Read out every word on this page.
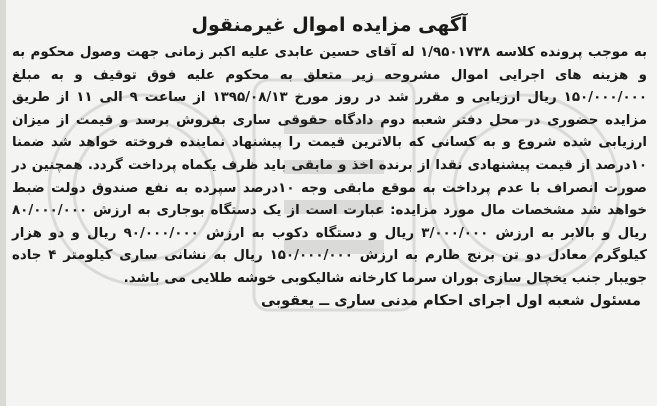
آگهی مزایده اموال غیرمنقول
به موجب پرونده کلاسه ۱/۹۵۰۱۷۳۸ له آقای حسین عابدی علیه اکبر زمانی جهت وصول محکوم به و هزینه های اجرایی اموال مشروحه زیر متعلق به محکوم علیه فوق توقیف و به مبلغ ۱۵۰/۰۰۰/۰۰۰ ریال ارزیابی و مقرر شد در روز مورخ ۱۳۹۵/۰۸/۱۳ از ساعت ۹ الی ۱۱ از طریق مزایده حضوری در محل دفتر شعبه دوم دادگاه حقوقی ساری بفروش برسد و قیمت از میزان ارزیابی شده شروع و به کسانی که بالاترین قیمت را پیشنهاد نماینده فروخته خواهد شد ضمنا ۱۰درصد از قیمت پیشنهادی نقدا از برنده اخذ و مابقی باید ظرف یکماه پرداخت گردد. همچنین در صورت انصراف با عدم پرداخت به موقع مابقی وجه ۱۰درصد سپرده به نفع صندوق دولت ضبط خواهد شد مشخصات مال مورد مزایده: عبارت است از یک دستگاه بوجاری به ارزش ۸۰/۰۰۰/۰۰۰ ریال و بالابر به ارزش ۳/۰۰۰/۰۰۰ ریال و دستگاه دکوب به ارزش ۹۰/۰۰۰/۰۰۰ ریال و دو هزار کیلوگرم معادل دو تن برنج طارم به ارزش ۱۵۰/۰۰۰/۰۰۰ ریال به نشانی ساری کیلومتر ۴ جاده جویبار جنب یخچال سازی بوران سرما کارخانه شالیکوبی خوشه طلایی می باشد.
مسئول شعبه اول اجرای احکام مدنی ساری ــ یعقوبی
